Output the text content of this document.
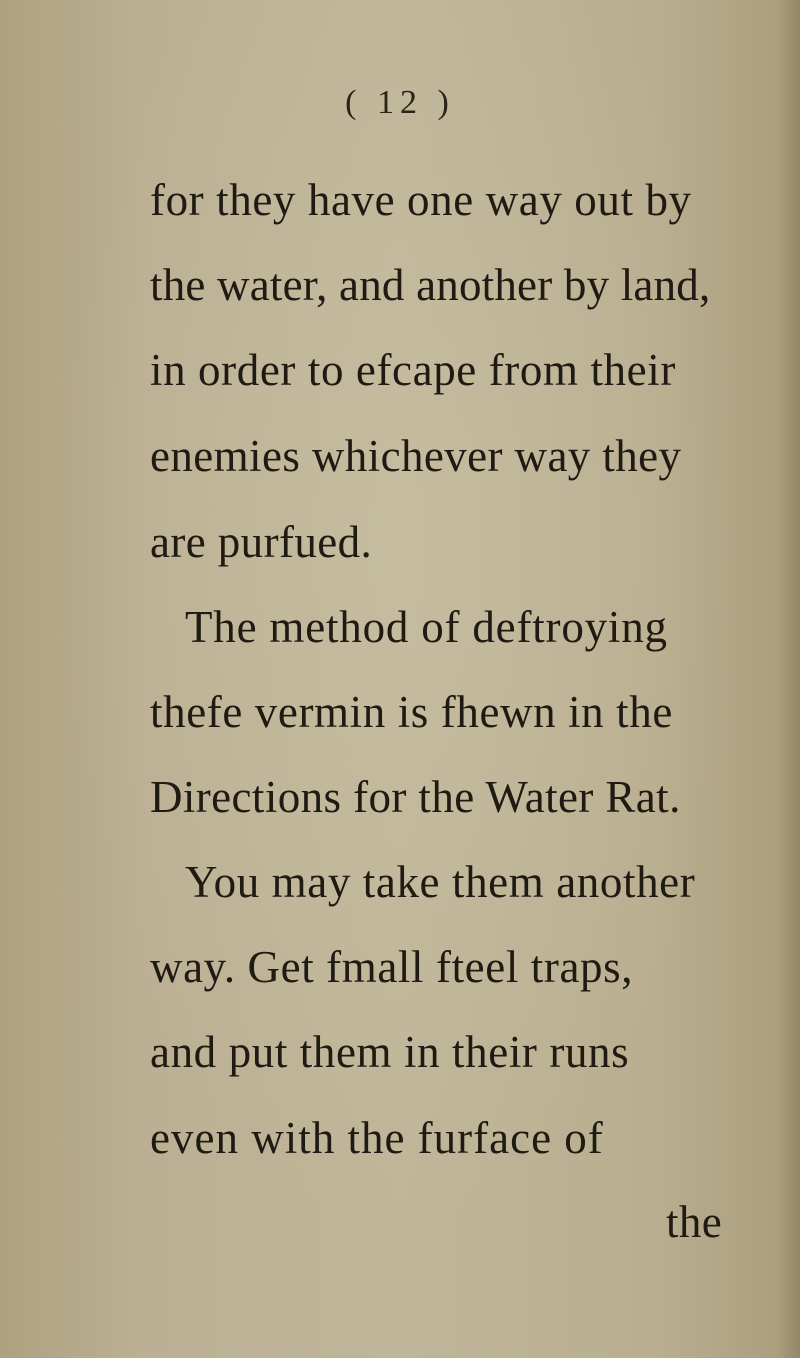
( 12 )
for they have one way out by
the water, and another by land,
in order to efcape from their
enemies whichever way they
are purfued.
The method of deftroying
thefe vermin is fhewn in the
Directions for the Water Rat.
You may take them another
way. Get fmall fteel traps,
and put them in their runs
even with the furface of
the
